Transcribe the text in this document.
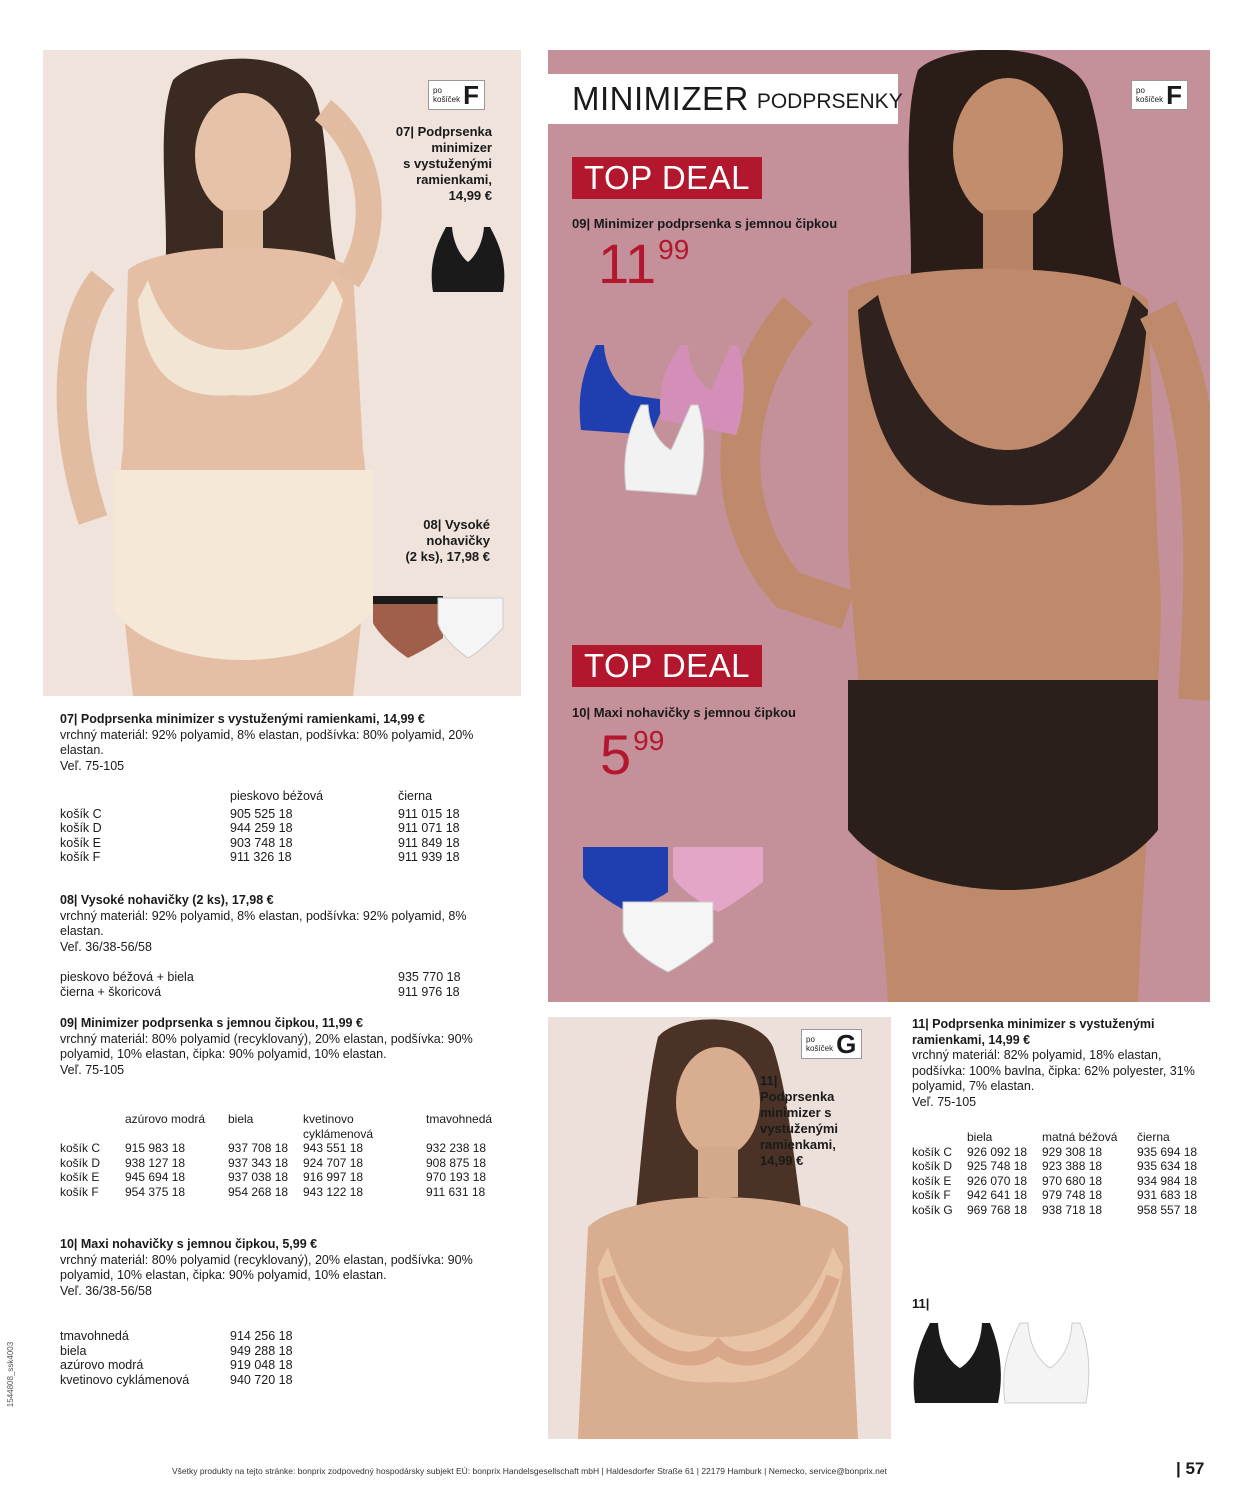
po
košíček F
07| Podprsenka
minimizer
s vystuženými
ramienkami,
14,99 €
08| Vysoké
nohavičky
(2 ks), 17,98 €
MINIMIZER PODPRSENKY	po
košíček F
TOP DEAL
09| Minimizer podprsenka s jemnou čipkou
$11^{99}$
TOP DEAL
10| Maxi nohavičky s jemnou čipkou
$5^{99}$
po
košíček G
11|
Podprsenka
minimizer s
vystuženými
ramienkami,
14,99 €
11|
07| Podprsenka minimizer s vystuženými ramienkami, 14,99 €
vrchný materiál: 92% polyamid, 8% elastan, podšívka: 80% polyamid, 20% elastan.
Veľ. 75-105
	pieskovo béžová	čierna

košík C	905 525 18	911 015 18
košík D	944 259 18	911 071 18
košík E	903 748 18	911 849 18
košík F	911 326 18	911 939 18
08| Vysoké nohavičky (2 ks), 17,98 €
vrchný materiál: 92% polyamid, 8% elastan, podšívka: 92% polyamid, 8% elastan.
Veľ. 36/38-56/58
pieskovo béžová + biela	935 770 18
čierna + škoricová	911 976 18
09| Minimizer podprsenka s jemnou čipkou, 11,99 €
vrchný materiál: 80% polyamid (recyklovaný), 20% elastan, podšívka: 90% polyamid, 10% elastan, čipka: 90% polyamid, 10% elastan.
Veľ. 75-105
	azúrovo modrá	biela	kvetinovo cyklámenová	tmavohnedá
košík C	915 983 18	937 708 18	943 551 18	932 238 18
košík D	938 127 18	937 343 18	924 707 18	908 875 18
košík E	945 694 18	937 038 18	916 997 18	970 193 18
košík F	954 375 18	954 268 18	943 122 18	911 631 18
10| Maxi nohavičky s jemnou čipkou, 5,99 €
vrchný materiál: 80% polyamid (recyklovaný), 20% elastan, podšívka: 90% polyamid, 10% elastan, čipka: 90% polyamid, 10% elastan.
Veľ. 36/38-56/58
tmavohnedá	914 256 18
biela	949 288 18
azúrovo modrá	919 048 18
kvetinovo cyklámenová	940 720 18
11| Podprsenka minimizer s vystuženými ramienkami, 14,99 €
vrchný materiál: 82% polyamid, 18% elastan, podšívka: 100% bavlna, čipka: 62% polyester, 31% polyamid, 7% elastan.
Veľ. 75-105
	biela	matná béžová	čierna
košík C	926 092 18	929 308 18	935 694 18
košík D	925 748 18	923 388 18	935 634 18
košík E	926 070 18	970 680 18	934 984 18
košík F	942 641 18	979 748 18	931 683 18
košík G	969 768 18	938 718 18	958 557 18
Všetky produkty na tejto stránke: bonprix zodpovedný hospodársky subjekt EÚ: bonprix Handelsgesellschaft mbH | Haldesdorfer Straße 61 | 22179 Hamburk | Nemecko, service@bonprix.net	| 57
1544808_ssk4003
